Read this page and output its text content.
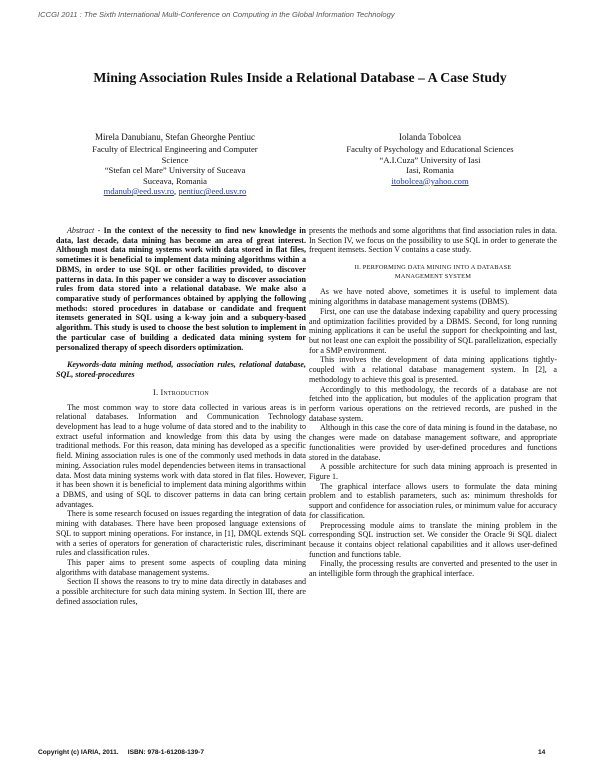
ICCGI 2011 : The Sixth International Multi-Conference on Computing in the Global Information Technology
Mining Association Rules Inside a Relational Database – A Case Study
Mirela Danubianu, Stefan Gheorghe Pentiuc
Faculty of Electrical Engineering and Computer
Science
“Stefan cel Mare” University of Suceava
Suceava, Romania
mdanub@eed.usv.ro, pentiuc@eed.usv.ro
Iolanda Tobolcea
Faculty of Psychology and Educational Sciences
“A.I.Cuza” University of Iasi
Iasi, Romania
itobolcea@yahoo.com

Abstract - In the context of the necessity to find new knowledge in data, last decade, data mining has become an area of great interest. Although most data mining systems work with data stored in flat files, sometimes it is beneficial to implement data mining algorithms within a DBMS, in order to use SQL or other facilities provided, to discover patterns in data. In this paper we consider a way to discover association rules from data stored into a relational database. We make also a comparative study of performances obtained by applying the following methods: stored procedures in database or candidate and frequent itemsets generated in SQL using a k-way join and a subquery-based algorithm. This study is used to choose the best solution to implement in the particular case of building a dedicated data mining system for personalized therapy of speech disorders optimization.

Keywords-data mining method, association rules, relational database, SQL, stored-procedures

I. Introduction

The most common way to store data collected in various areas is in relational databases. Information and Communication Technology development has lead to a huge volume of data stored and to the inability to extract useful information and knowledge from this data by using the traditional methods. For this reason, data mining has developed as a specific field. Mining association rules is one of the commonly used methods in data mining. Association rules model dependencies between items in transactional data. Most data mining systems work with data stored in flat files. However, it has been shown it is beneficial to implement data mining algorithms within a DBMS, and using of SQL to discover patterns in data can bring certain advantages.

There is some research focused on issues regarding the integration of data mining with databases. There have been proposed language extensions of SQL to support mining operations. For instance, in [1], DMQL extends SQL with a series of operators for generation of characteristic rules, discriminant rules and classification rules.

This paper aims to present some aspects of coupling data mining algorithms with database management systems.

Section II shows the reasons to try to mine data directly in databases and a possible architecture for such data mining system. In Section III, there are defined association rules,

presents the methods and some algorithms that find association rules in data. In Section IV, we focus on the possibility to use SQL in order to generate the frequent itemsets. Section V contains a case study.

II. PERFORMING DATA MINING INTO A DATABASE
MANAGEMENT SYSTEM

As we have noted above, sometimes it is useful to implement data mining algorithms in database management systems (DBMS).

First, one can use the database indexing capability and query processing and optimization facilities provided by a DBMS. Second, for long running mining applications it can be useful the support for checkpointing and last, but not least one can exploit the possibility of SQL parallelization, especially for a SMP environment.

This involves the development of data mining applications tightly-coupled with a relational database management system. In [2], a methodology to achieve this goal is presented.

Accordingly to this methodology, the records of a database are not fetched into the application, but modules of the application program that perform various operations on the retrieved records, are pushed in the database system.

Although in this case the core of data mining is found in the database, no changes were made on database management software, and appropriate functionalities were provided by user-defined procedures and functions stored in the database.

A possible architecture for such data mining approach is presented in Figure 1.

The graphical interface allows users to formulate the data mining problem and to establish parameters, such as: minimum thresholds for support and confidence for association rules, or minimum value for accuracy for classification.

Preprocessing module aims to translate the mining problem in the corresponding SQL instruction set. We consider the Oracle 9i SQL dialect because it contains object relational capabilities and it allows user-defined function and functions table.

Finally, the processing results are converted and presented to the user in an intelligible form through the graphical interface.

Copyright (c) IARIA, 2011.     ISBN: 978-1-61208-139-7	14
